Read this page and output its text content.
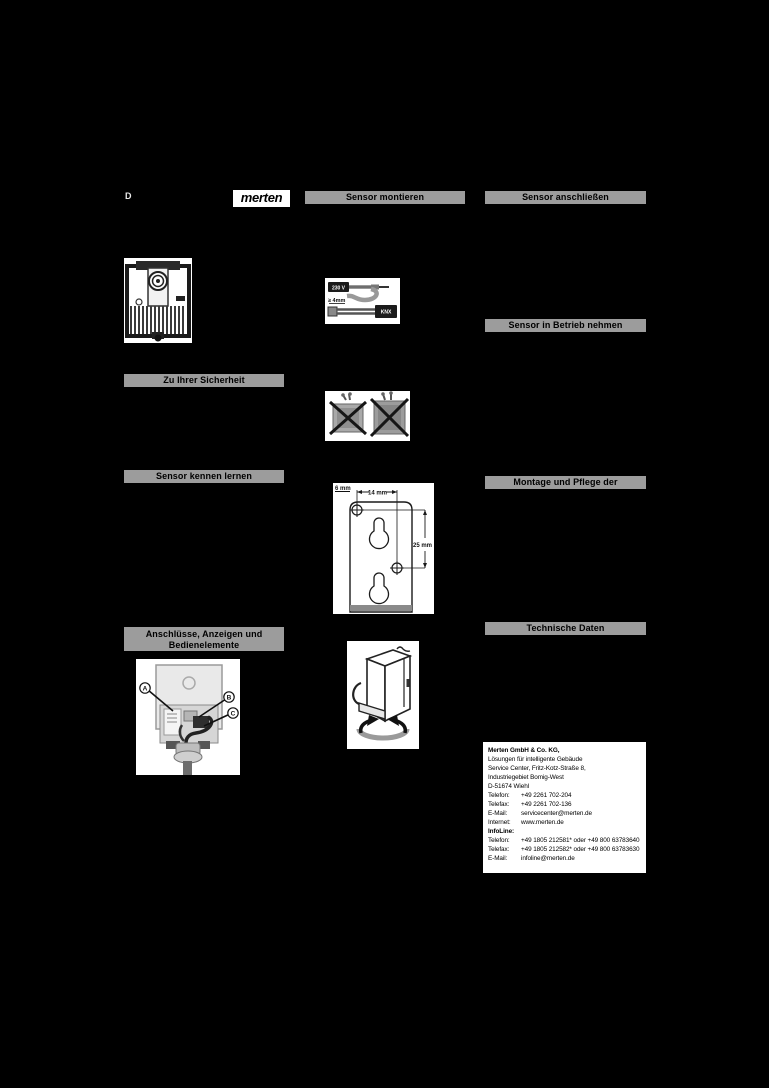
D	merten	Sensor montieren	Sensor anschließen
Sensor in Betrieb nehmen
Zu Ihrer Sicherheit
Sensor kennen lernen
Montage und Pflege der Abdeckhaube
Anschlüsse, Anzeigen und
Bedienelemente
Technische Daten
230 V
≥ 4mm
KNX
6 mm
14 mm
25 mm
A
B
C
Merten GmbH & Co. KG,
Lösungen für intelligente Gebäude
Service Center, Fritz-Kotz-Straße 8,
Industriegebiet Bomig-West
D-51674 Wiehl
Telefon:	+49 2261 702-204
Telefax:	+49 2261 702-136
E-Mail:	servicecenter@merten.de
Internet:	www.merten.de
InfoLine:
Telefon:	+49 1805 212581* oder +49 800 63783640
Telefax:	+49 1805 212582* oder +49 800 63783630
E-Mail:	infoline@merten.de
* kostenpflichtig / fee required
